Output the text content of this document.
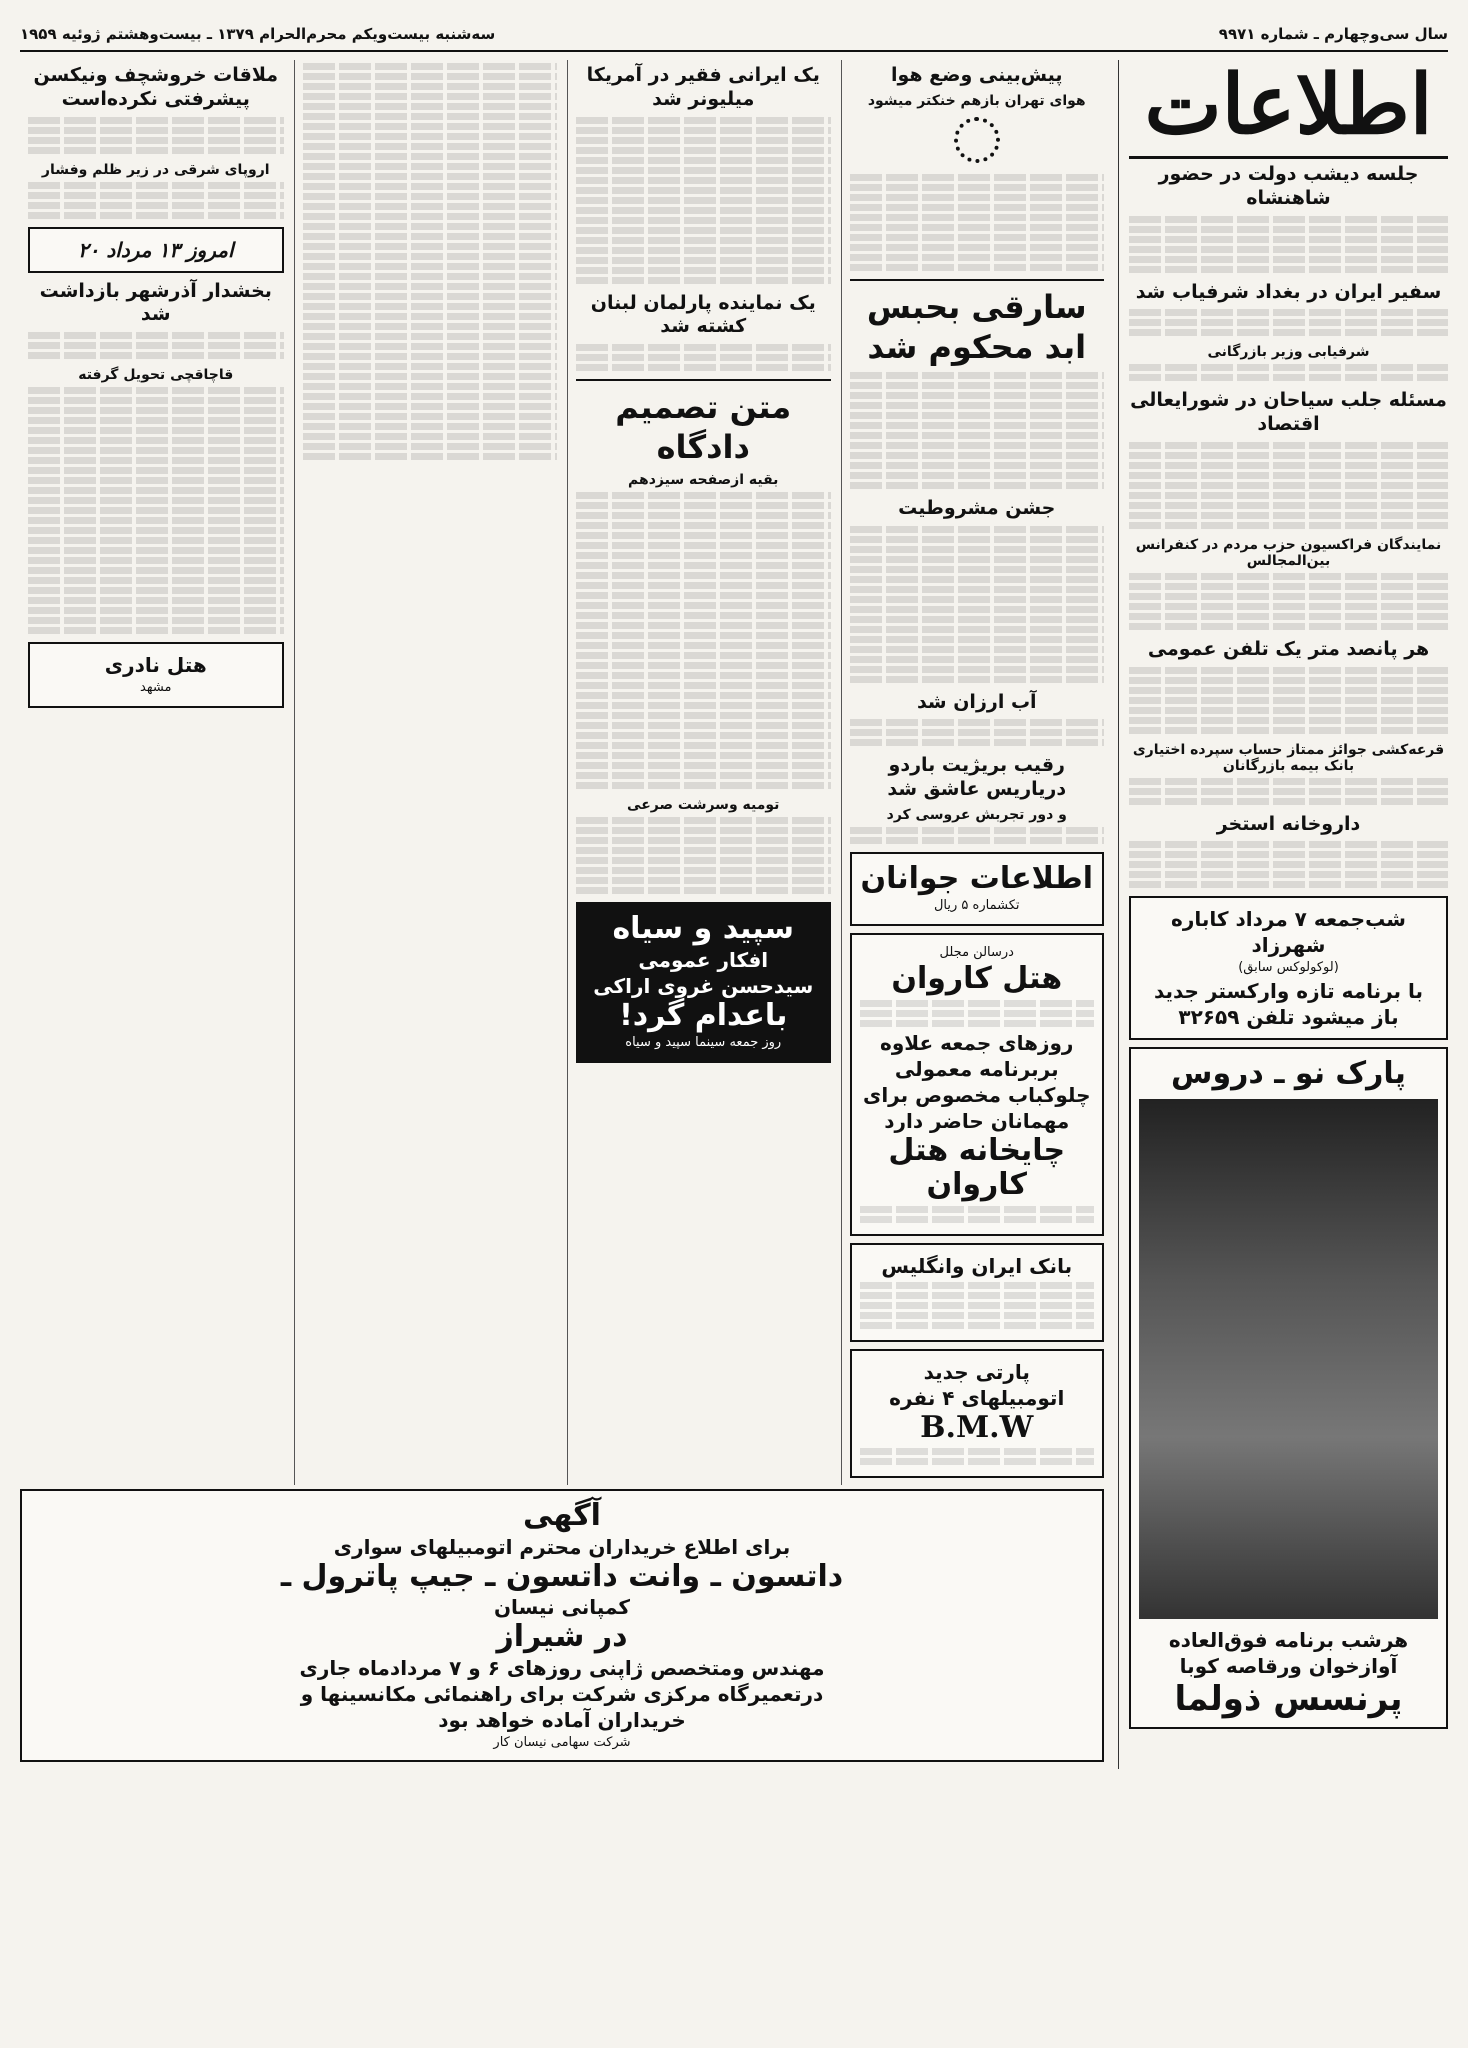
سال سی‌وچهارم ـ شماره ۹۹۷۱
سه‌شنبه بیست‌ویکم محرم‌الحرام ۱۳۷۹ ـ بیست‌وهشتم ژوئیه ۱۹۵۹
اطلاعات
جلسه دیشب دولت در حضور شاهنشاه
سفیر ایران در بغداد شرفیاب شد
شرفیابی وزیر بازرگانی
مسئله جلب سیاحان در شورایعالی اقتصاد
نمایندگان فراکسیون حزب مردم در کنفرانس بین‌المجالس
هر پانصد متر یک تلفن عمومی
قرعه‌کشی جوائز ممتاز حساب سپرده اختیاری بانک بیمه بازرگانان
داروخانه استخر
شب‌جمعه ۷ مرداد کاباره شهرزاد
(لوکولوکس سابق)
با برنامه تازه وارکستر جدید باز میشود تلفن ۳۲۶۵۹
پارک نو ـ دروس
هرشب برنامه فوق‌العاده
آوازخوان ورقاصه کوبا
پرنسس ذولما
پیش‌بینی وضع هوا
هوای تهران بازهم خنکتر میشود
سارقی بحبس ابد محکوم شد
جشن مشروطیت
آب ارزان شد
رقیب بریژیت باردو دریاریس عاشق شد
و دور تجربش عروسی کرد
اطلاعات جوانان
تکشماره ۵ ریال
درسالن مجلل
هتل کاروان
روزهای جمعه علاوه بربرنامه معمولی
چلوکباب مخصوص برای مهمانان حاضر دارد
چایخانه هتل کاروان
بانک ایران وانگلیس
پارتی جدید
اتومبیلهای ۴ نفره
B.M.W
یک ایرانی فقیر در آمریکا میلیونر شد
یک نماینده پارلمان لبنان کشته شد
متن تصمیم دادگاه
بقیه ازصفحه سیزدهم
تومیه وسرشت صرعی
سپید و سیاه
افکار عمومی
سیدحسن غروی اراکی
باعدام گرد!
روز جمعه سینما سپید و سیاه
ملاقات خروشچف ونیکسن پیشرفتی نکرده‌است
اروپای شرقی در زیر ظلم وفشار
امروز ۱۳ مرداد ۲۰
بخشدار آذرشهر بازداشت شد
قاچاقچی تحویل گرفته
هتل نادری
مشهد
آگهی
برای اطلاع خریداران محترم اتومبیلهای سواری
داتسون ـ وانت داتسون ـ جیپ پاترول ـ
کمپانی نیسان
در شیراز
مهندس ومتخصص ژاپنی روزهای ۶ و ۷ مردادماه جاری
درتعمیرگاه مرکزی شرکت برای راهنمائی مکانسینها و
خریداران آماده خواهد بود
شرکت سهامی نیسان کار
